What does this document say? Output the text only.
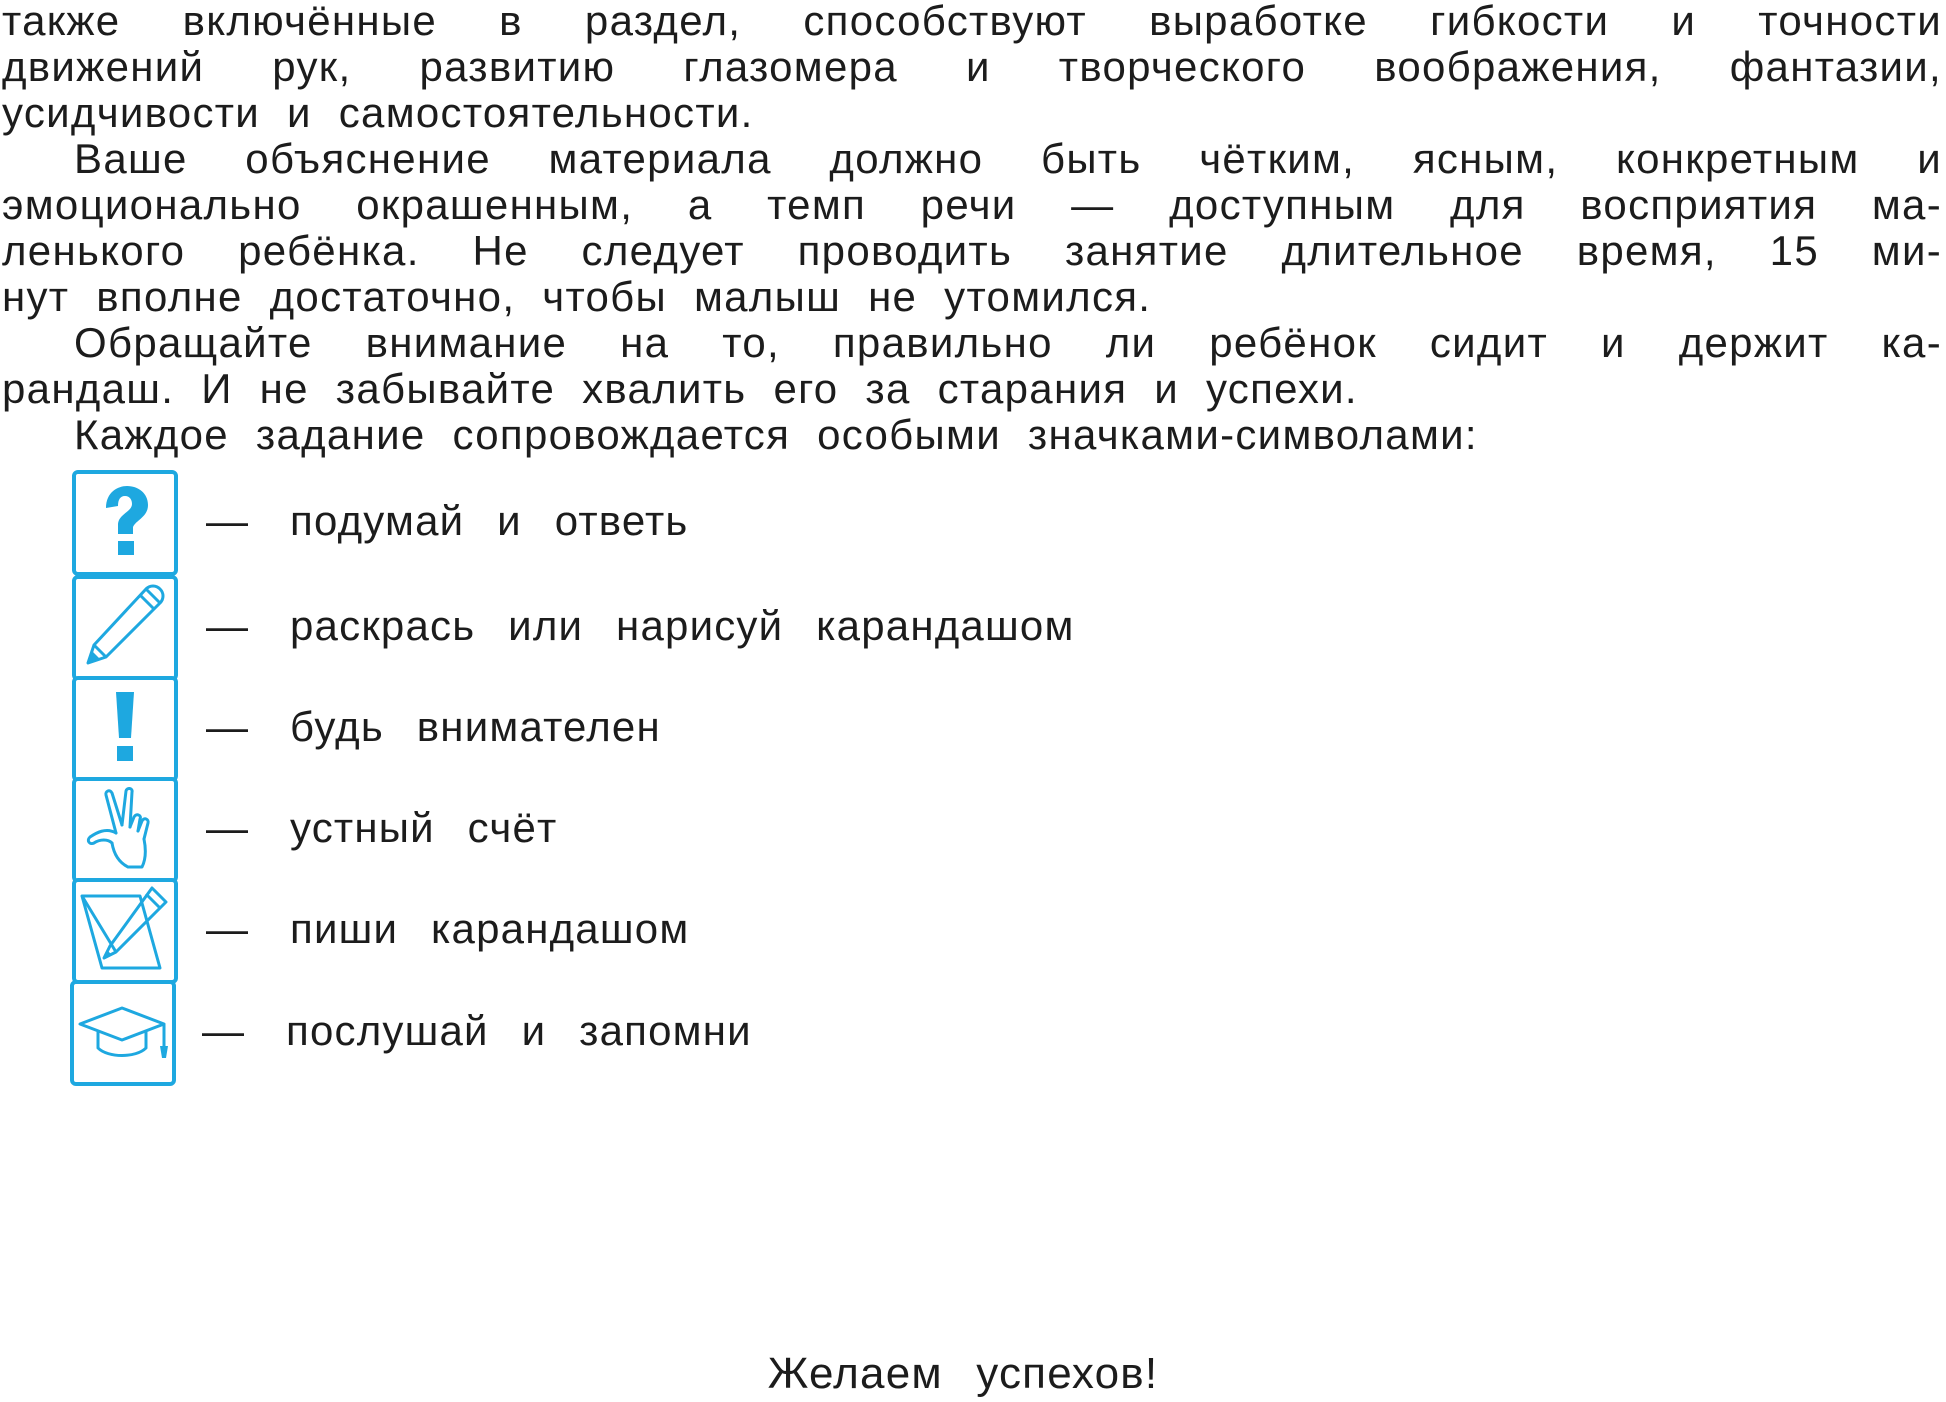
также включённые в раздел, способствуют выработке гибкости и точности
движений рук, развитию глазомера и творческого воображения, фантазии,
усидчивости и самостоятельности.
Ваше объяснение материала должно быть чётким, ясным, конкретным и
эмоционально окрашенным, а темп речи — доступным для восприятия ма-
ленького ребёнка. Не следует проводить занятие длительное время, 15 ми-
нут вполне достаточно, чтобы малыш не утомился.
Обращайте внимание на то, правильно ли ребёнок сидит и держит ка-
рандаш. И не забывайте хвалить его за старания и успехи.
Каждое задание сопровождается особыми значками-символами:
— подумай и ответь
— раскрась или нарисуй карандашом
— будь внимателен
— устный счёт
— пиши карандашом
— послушай и запомни
Желаем успехов!
